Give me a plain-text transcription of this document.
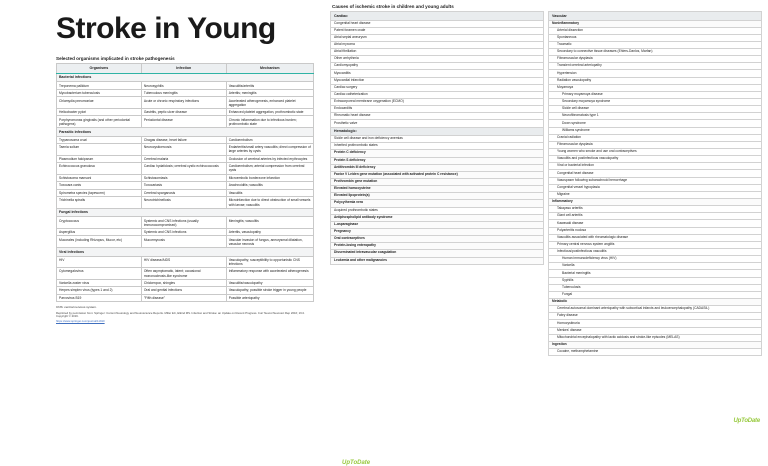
Stroke in Young
Selected organisms implicated in stroke pathogenesis
Organisms	Infection	Mechanism
Bacterial infections		
Treponema pallidum	Neurosyphilis	Vasculitis/arteritis
Mycobacterium tuberculosis	Tuberculous meningitis	Arteritis; meningitis
Chlamydia pneumoniae	Acute or chronic respiratory infections	Accelerated atherogenesis, enhanced platelet aggregation
Helicobacter pylori	Gastritis, peptic ulcer disease	Enhanced platelet aggregation, prothrombotic state
Porphyromonas gingivalis (and other periodontal pathogens)	Periodontal disease	Chronic inflammation due to infectious burden; prothrombotic state
Parasitic infections		
Trypanosoma cruzi	Chagas disease, heart failure	Cardioembolism
Taenia solium	Neurocysticercosis	Endarteritis/small artery vasculitis; direct compression of large arteries by cysts
Plasmodium falciparum	Cerebral malaria	Occlusion of cerebral arteries by infected erythrocytes
Echinococcus granulosa	Cardiac hydatidosis; cerebral cystic echinococcosis	Cardioembolism; arterial compression from cerebral cysts
Schistosoma mansoni	Schistosomiasis	Microembolic borderzone infarction
Toxocara canis	Toxocariasis	Arachnoiditis; vasculitis
Spirometra species (tapeworm)	Cerebral sparganosis	Vasculitis
Trichinella spiralis	Neurotrichinellosis	Microinfarction due to direct obstruction of small vessels with larvae; vasculitis
Fungal infections		
Cryptococcus	Systemic and CNS infections (usually immunocompromised)	Meningitis; vasculitis
Aspergillus	Systemic and CNS infections	Arteritis, vasculopathy
Mucorales (including Rhizopus, Mucor, etc)	Mucormycosis	Vascular invasion of fungus, aneurysmal dilatation, vascular necrosis
Viral infections		
HIV	HIV disease/AIDS	Vasculopathy; susceptibility to opportunistic CNS infections
Cytomegalovirus	Often asymptomatic, latent; occasional mononucleosis-like syndrome	Inflammatory response with accelerated atherogenesis
Varicella zoster virus	Chickenpox, shingles	Vasculitis/vasculopathy
Herpes simplex virus (types 1 and 2)	Oral and genital infections	Vasculopathy; possible stroke trigger in young people
Parvovirus B19	"Fifth disease"	Possible arteriopathy
CNS: central nervous system.
Reprinted by permission from: Springer: Current Neurology and Neuroscience Reports. Miller EC, Elkind MS. Infection and Stroke: an Update on Recent Progress. Curr Neurol Neurosci Rep 2016; 16:2. Copyright © 2016.
https://www.springer.com/journal/11910
UpToDate
Causes of ischemic stroke in children and young adults
Cardiac:
Congenital heart disease
Patent foramen ovale
Atrial septal aneurysm
Atrial myxoma
Atrial fibrillation
Other arrhythmia
Cardiomyopathy
Myocarditis
Myocardial infarction
Cardiac surgery
Cardiac catheterization
Extracorporeal membrane oxygenation (ECMO)
Endocarditis
Rheumatic heart disease
Prosthetic valve
Hematologic:
Sickle cell disease and iron deficiency anemias
Inherited prothrombotic states
Protein C deficiency
Protein S deficiency
Antithrombin III deficiency
Factor V Leiden gene mutation (associated with activated protein C resistance)
Prothrombin gene mutation
Elevated homocysteine
Elevated lipoprotein(a)
Polycythemia vera
Acquired prothrombotic states
Antiphospholipid antibody syndrome
L-asparaginase
Pregnancy
Oral contraceptives
Protein-losing enteropathy
Disseminated intravascular coagulation
Leukemia and other malignancies
Vascular
Noninflammatory
Arterial dissection
Spontaneous
Traumatic
Secondary to connective tissue diseases (Ehlers-Danlos, Marfan)
Fibromuscular dysplasia
Transient cerebral arteriopathy
Hypertension
Radiation vasculopathy
Moyamoya
Primary moyamoya disease
Secondary moyamoya syndrome
Sickle cell disease
Neurofibromatosis type 1
Down syndrome
Williams syndrome
Cranial radiation
Fibromuscular dysplasia
Young women who smoke and use oral contraceptives
Vasculitis and postinfectious vasculopathy
Viral or bacterial infection
Congenital heart disease
Vasospasm following subarachnoid hemorrhage
Congenital vessel hypoplasia
Migraine
Inflammatory
Takayasu arteritis
Giant cell arteritis
Kawasaki disease
Polyarteritis nodosa
Vasculitis associated with rheumatologic disease
Primary central nervous system angiitis
Infectious/postinfectious vasculitis
Human immunodeficiency virus (HIV)
Varicella
Bacterial meningitis
Syphilis
Tuberculosis
Fungal
Metabolic
Cerebral autosomal dominant arteriopathy with subcortical infarcts and leukoencephalopathy (CADASIL)
Fabry disease
Homocystinuria
Menkes' disease
Mitochondrial encephalopathy with lactic acidosis and stroke-like episodes (MELAS)
Ingestion
Cocaine, methamphetamine
UpToDate
